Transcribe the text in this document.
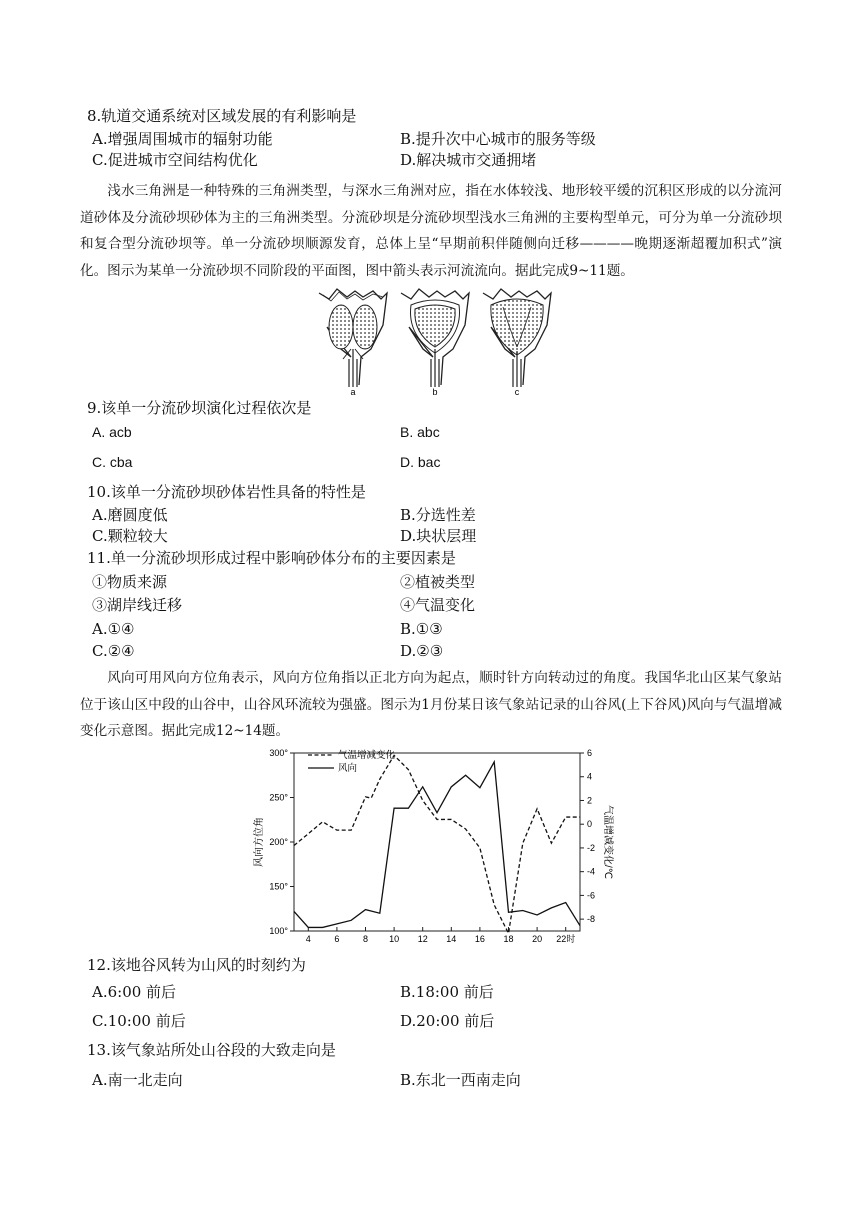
8.轨道交通系统对区域发展的有利影响是
A.增强周围城市的辐射功能	B.提升次中心城市的服务等级
C.促进城市空间结构优化	D.解决城市交通拥堵
浅水三角洲是一种特殊的三角洲类型，与深水三角洲对应，指在水体较浅、地形较平缓的沉积区形成的以分流河道砂体及分流砂坝砂体为主的三角洲类型。分流砂坝是分流砂坝型浅水三角洲的主要构型单元，可分为单一分流砂坝和复合型分流砂坝等。单一分流砂坝顺源发育，总体上呈“早期前积伴随侧向迁移————晚期逐渐超覆加积式”演化。图示为某单一分流砂坝不同阶段的平面图，图中箭头表示河流流向。据此完成9~11题。
a	b	c
9.该单一分流砂坝演化过程依次是
A. acb	B. abc
C. cba	D. bac
10.该单一分流砂坝砂体岩性具备的特性是
A.磨圆度低	B.分选性差
C.颗粒较大	D.块状层理
11.单一分流砂坝形成过程中影响砂体分布的主要因素是
①物质来源	②植被类型
③湖岸线迁移	④气温变化
A.①④	B.①③
C.②④	D.②③
风向可用风向方位角表示，风向方位角指以正北方向为起点，顺时针方向转动过的角度。我国华北山区某气象站位于该山区中段的山谷中，山谷风环流较为强盛。图示为1月份某日该气象站记录的山谷风(上下谷风)风向与气温增减变化示意图。据此完成12~14题。
100°
150°
200°
250°
300°	6
4
2
0
-2
-4
-6
-8
4	6	8 10 12 14 16 18 20 22时
气温增减变化
风向
风向方位角	气温增减变化/℃
12.该地谷风转为山风的时刻约为
A.6:00 前后	B.18:00 前后
C.10:00 前后	D.20:00 前后
13.该气象站所处山谷段的大致走向是
A.南一北走向	B.东北一西南走向
